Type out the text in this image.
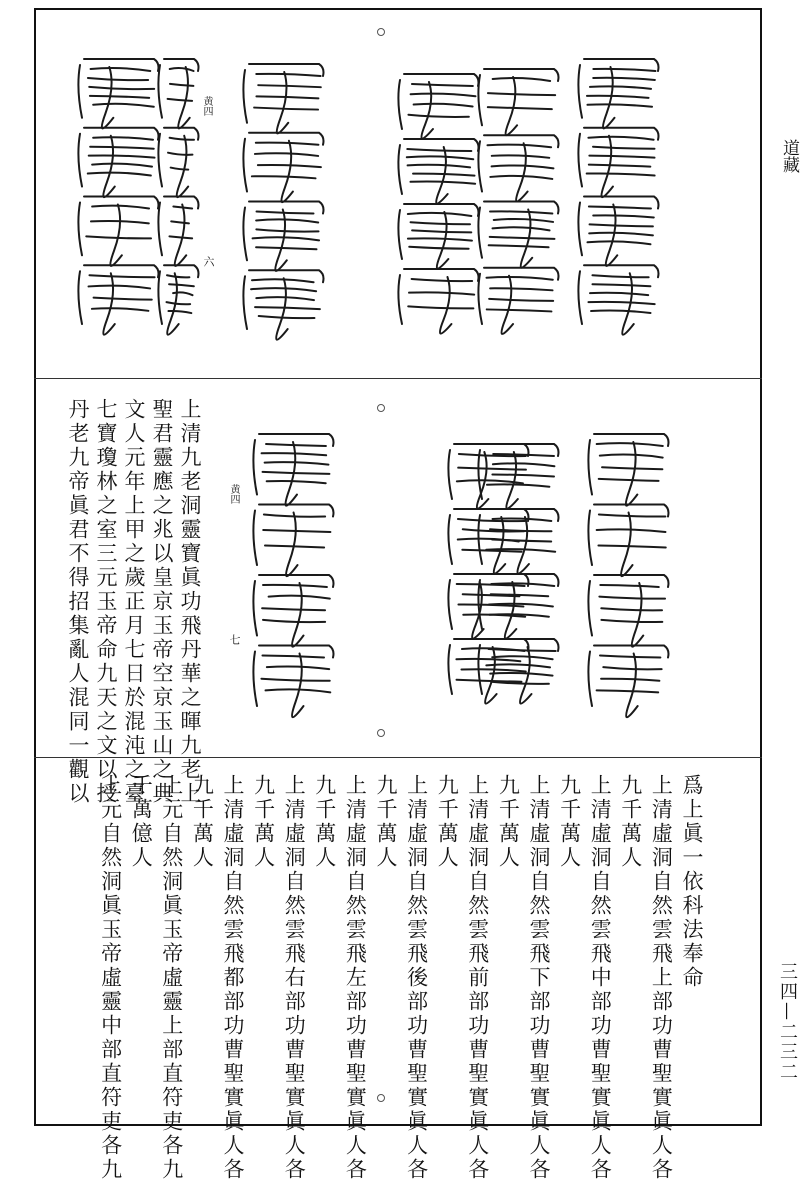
道藏
三四—二三二
黄四
六
黄四
七
上清九老洞靈寶眞功飛丹華之暉九老上
聖君靈應之兆以皇京玉帝空京玉山之典
文人元年上甲之歲正月七日於混沌之臺
七寶瓊林之室三元玉帝命九天之文以授
丹老九帝眞君不得招集亂人混同一觀以
爲上眞一依科法奉命
上清虛洞自然雲飛上部功曹聖實眞人各
九千萬人
上清虛洞自然雲飛中部功曹聖實眞人各
九千萬人
上清虛洞自然雲飛下部功曹聖實眞人各
九千萬人
上清虛洞自然雲飛前部功曹聖實眞人各
九千萬人
上清虛洞自然雲飛後部功曹聖實眞人各
九千萬人
上清虛洞自然雲飛左部功曹聖實眞人各
九千萬人
上清虛洞自然雲飛右部功曹聖實眞人各
九千萬人
上清虛洞自然雲飛都部功曹聖實眞人各
九千萬人
上元自然洞眞玉帝虛靈上部直符吏各九
千萬億人
上元自然洞眞玉帝虛靈中部直符吏各九
